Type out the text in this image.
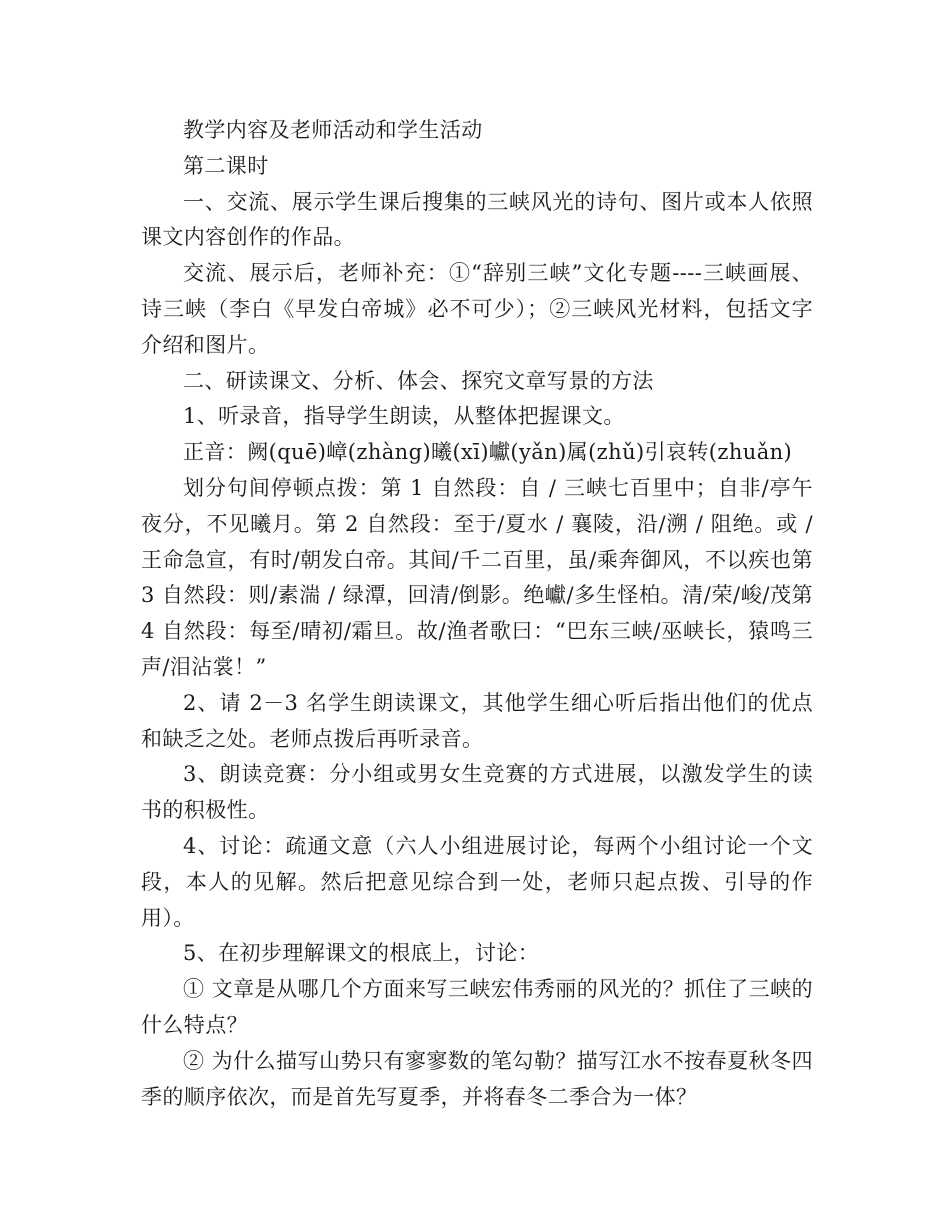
教学内容及老师活动和学生活动

第二课时

一、交流、展示学生课后搜集的三峡风光的诗句、图片或本人依照课文内容创作的作品。

交流、展示后，老师补充：①“辞别三峡”文化专题----三峡画展、诗三峡（李白《早发白帝城》必不可少）；②三峡风光材料，包括文字介绍和图片。

二、研读课文、分析、体会、探究文章写景的方法

1、听录音，指导学生朗读，从整体把握课文。

正音：阙(quē)嶂(zhàng)曦(xī)巘(yǎn)属(zhǔ)引哀转(zhuǎn)

划分句间停顿点拨：第 1 自然段：自 / 三峡七百里中；自非/亭午夜分，不见曦月。第 2 自然段：至于/夏水 / 襄陵，沿/溯 / 阻绝。或 / 王命急宣，有时/朝发白帝。其间/千二百里，虽/乘奔御风，不以疾也第 3 自然段：则/素湍 / 绿潭，回清/倒影。绝巘/多生怪柏。清/荣/峻/茂第 4 自然段：每至/晴初/霜旦。故/渔者歌曰：“巴东三峡/巫峡长，猿鸣三声/泪沾裳！”

2、请 2－3 名学生朗读课文，其他学生细心听后指出他们的优点和缺乏之处。老师点拨后再听录音。

3、朗读竞赛：分小组或男女生竞赛的方式进展，以激发学生的读书的积极性。

4、讨论：疏通文意（六人小组进展讨论，每两个小组讨论一个文段，本人的见解。然后把意见综合到一处，老师只起点拨、引导的作用）。

5、在初步理解课文的根底上，讨论：

① 文章是从哪几个方面来写三峡宏伟秀丽的风光的？抓住了三峡的什么特点？

② 为什么描写山势只有寥寥数的笔勾勒？描写江水不按春夏秋冬四季的顺序依次，而是首先写夏季，并将春冬二季合为一体？
